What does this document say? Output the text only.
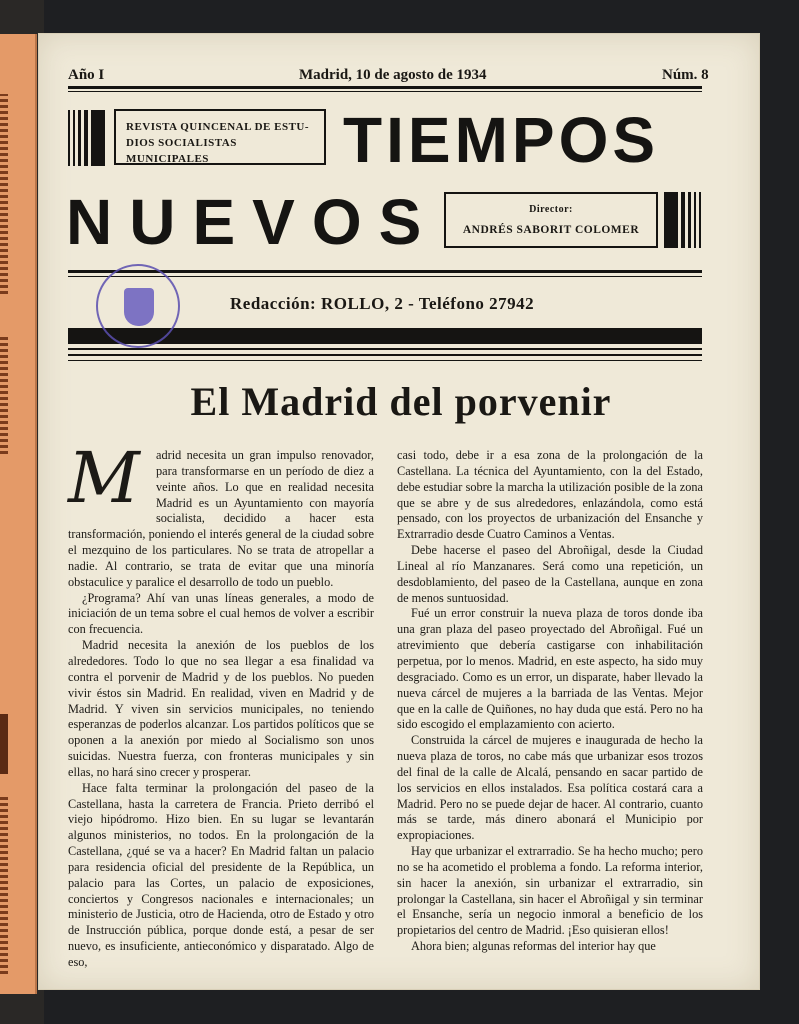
Año I	Madrid, 10 de agosto de 1934	Núm. 8
REVISTA QUINCENAL DE ESTU-DIOS SOCIALISTAS MUNICIPALES	TIEMPOS
NUEVOS	Director:
ANDRÉS SABORIT COLOMER
Redacción: ROLLO, 2 - Teléfono 27942
El Madrid del porvenir

M	adrid necesita un gran impulso renovador, para transformarse en un período de diez a veinte años. Lo que en realidad necesita Madrid es un Ayuntamiento con mayoría socialista, decidido a hacer esta transformación, poniendo el interés general de la ciudad sobre el mezquino de los particulares. No se trata de atropellar a nadie. Al contrario, se trata de evitar que una minoría obstaculice y paralice el desarrollo de todo un pueblo.

¿Programa? Ahí van unas líneas generales, a modo de iniciación de un tema sobre el cual hemos de volver a escribir con frecuencia.

Madrid necesita la anexión de los pueblos de los alrededores. Todo lo que no sea llegar a esa finalidad va contra el porvenir de Madrid y de los pueblos. No pueden vivir éstos sin Madrid. En realidad, viven en Madrid y de Madrid. Y viven sin servicios municipales, no teniendo esperanzas de poderlos alcanzar. Los partidos políticos que se oponen a la anexión por miedo al Socialismo son unos suicidas. Nuestra fuerza, con fronteras municipales y sin ellas, no hará sino crecer y prosperar.

Hace falta terminar la prolongación del paseo de la Castellana, hasta la carretera de Francia. Prieto derribó el viejo hipódromo. Hizo bien. En su lugar se levantarán algunos ministerios, no todos. En la prolongación de la Castellana, ¿qué se va a hacer? En Madrid faltan un palacio para residencia oficial del presidente de la República, un palacio para las Cortes, un palacio de exposiciones, conciertos y Congresos nacionales e internacionales; un ministerio de Justicia, otro de Hacienda, otro de Estado y otro de Instrucción pública, porque donde está, a pesar de ser nuevo, es insuficiente, antieconómico y disparatado. Algo de eso,

casi todo, debe ir a esa zona de la prolongación de la Castellana. La técnica del Ayuntamiento, con la del Estado, debe estudiar sobre la marcha la utilización posible de la zona que se abre y de sus alrededores, enlazándola, como está pensado, con los proyectos de urbanización del Ensanche y Extrarradio desde Cuatro Caminos a Ventas.

Debe hacerse el paseo del Abroñigal, desde la Ciudad Lineal al río Manzanares. Será como una repetición, un desdoblamiento, del paseo de la Castellana, aunque en zona de menos suntuosidad.

Fué un error construir la nueva plaza de toros donde iba una gran plaza del paseo proyectado del Abroñigal. Fué un atrevimiento que debería castigarse con inhabilitación perpetua, por lo menos. Madrid, en este aspecto, ha sido muy desgraciado. Como es un error, un disparate, haber llevado la nueva cárcel de mujeres a la barriada de las Ventas. Mejor que en la calle de Quiñones, no hay duda que está. Pero no ha sido escogido el emplazamiento con acierto.

Construida la cárcel de mujeres e inaugurada de hecho la nueva plaza de toros, no cabe más que urbanizar esos trozos del final de la calle de Alcalá, pensando en sacar partido de los servicios en ellos instalados. Esa política costará cara a Madrid. Pero no se puede dejar de hacer. Al contrario, cuanto más se tarde, más dinero abonará el Municipio por expropiaciones.

Hay que urbanizar el extrarradio. Se ha hecho mucho; pero no se ha acometido el problema a fondo. La reforma interior, sin hacer la anexión, sin urbanizar el extrarradio, sin prolongar la Castellana, sin hacer el Abroñigal y sin terminar el Ensanche, sería un negocio inmoral a beneficio de los propietarios del centro de Madrid. ¡Eso quisieran ellos!

Ahora bien; algunas reformas del interior hay que
